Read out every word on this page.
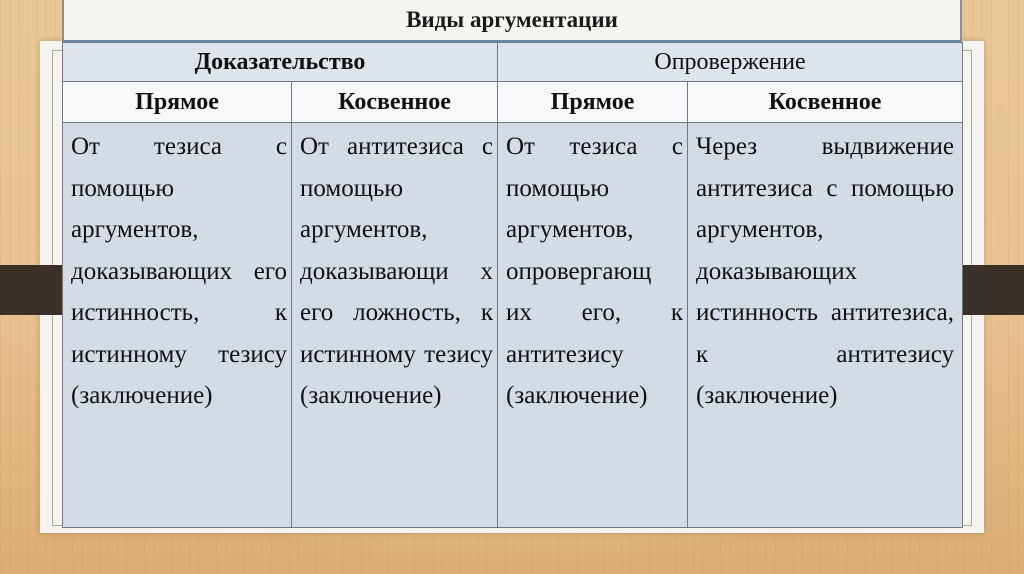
Виды аргументации
Доказательство		Опровержение	
Прямое	Косвенное	Прямое	Косвенное

От тезиса с помощью аргументов, доказывающих его истинность, к истинному тезису (заключение)	От антитезиса с помощью аргументов, доказывающи х его ложность, к истинному тезису (заключение)	От тезиса с помощью аргументов, опровергающ их его, к антитезису (заключение)	Через выдвижение антитезиса с помощью аргументов, доказывающих истинность антитезиса, к антитезису (заключение)
